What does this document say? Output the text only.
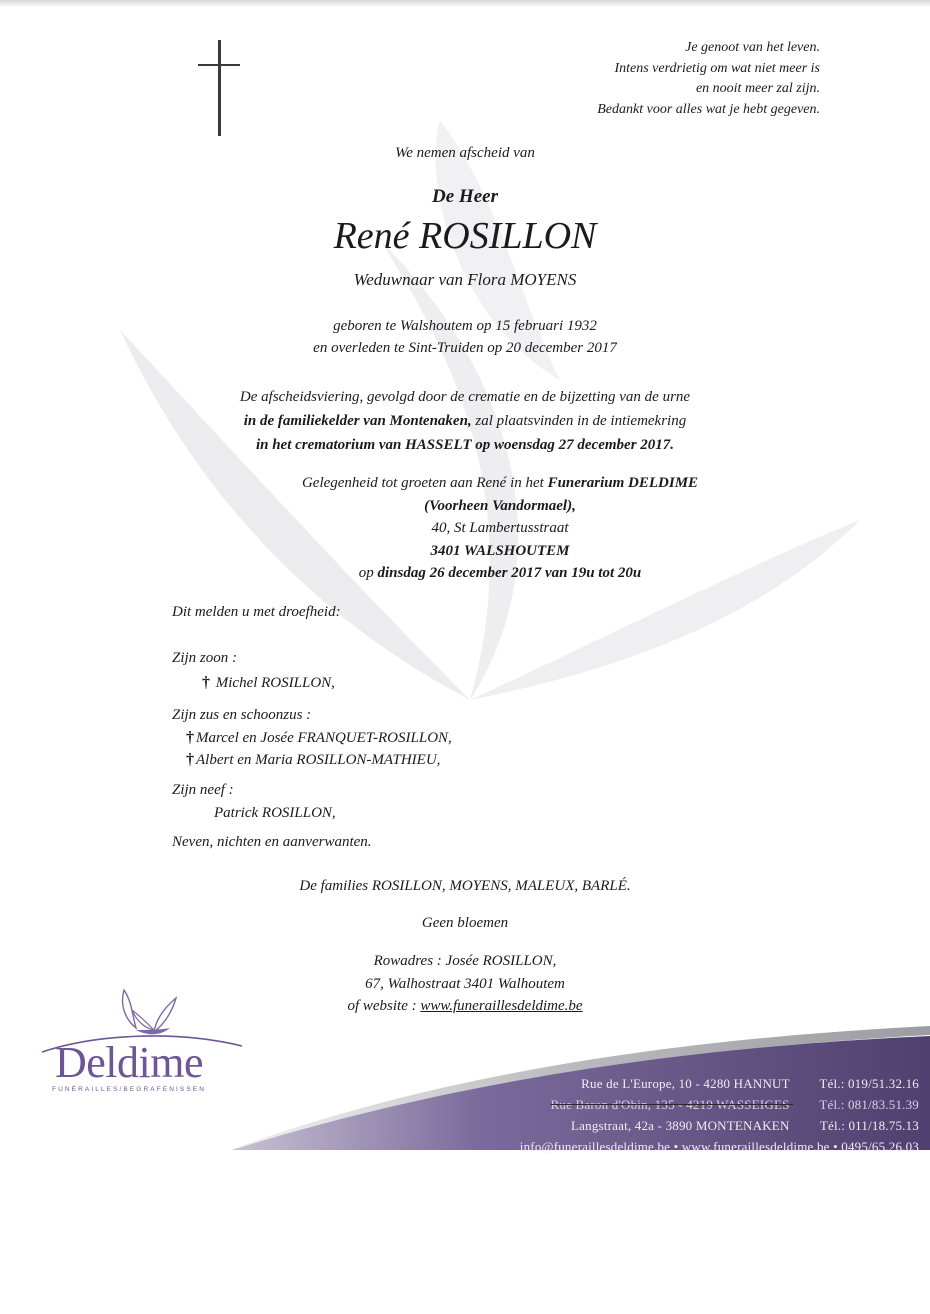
Je genoot van het leven.
Intens verdrietig om wat niet meer is
en nooit meer zal zijn.
Bedankt voor alles wat je hebt gegeven.
We nemen afscheid van
De Heer
René ROSILLON
Weduwnaar van Flora MOYENS
geboren te Walshoutem op 15 februari 1932
en overleden te Sint-Truiden op 20 december 2017
De afscheidsviering, gevolgd door de crematie en de bijzetting van de urne
in de familiekelder van Montenaken, zal plaatsvinden in de intiemekring
in het crematorium van HASSELT op woensdag 27 december 2017.
Gelegenheid tot groeten aan René in het Funerarium DELDIME
(Voorheen Vandormael),
40, St Lambertusstraat
3401 WALSHOUTEM
op dinsdag 26 december 2017 van 19u tot 20u
Dit melden u met droefheid:
Zijn zoon :
† Michel ROSILLON,
Zijn zus en schoonzus :
† Marcel en Josée FRANQUET-ROSILLON,
† Albert en Maria ROSILLON-MATHIEU,
Zijn neef :
Patrick ROSILLON,
Neven, nichten en aanverwanten.
De families ROSILLON, MOYENS, MALEUX, BARLÉ.
Geen bloemen
Rowadres : Josée ROSILLON,
67, Walhostraat 3401 Walhoutem
of website : www.funeraillesdeldime.be
Rue de L'Europe, 10 - 4280 HANNUT Tél.: 019/51.32.16
Rue Baron d'Obin, 135 - 4219 WASSEIGES Tél.: 081/83.51.39
Langstraat, 42a - 3890 MONTENAKEN Tél.: 011/18.75.13
info@funeraillesdeldime.be • www.funeraillesdeldime.be • 0495/65.26.03
Deldime
FUNÉRAILLES/BEGRAFENISSEN
